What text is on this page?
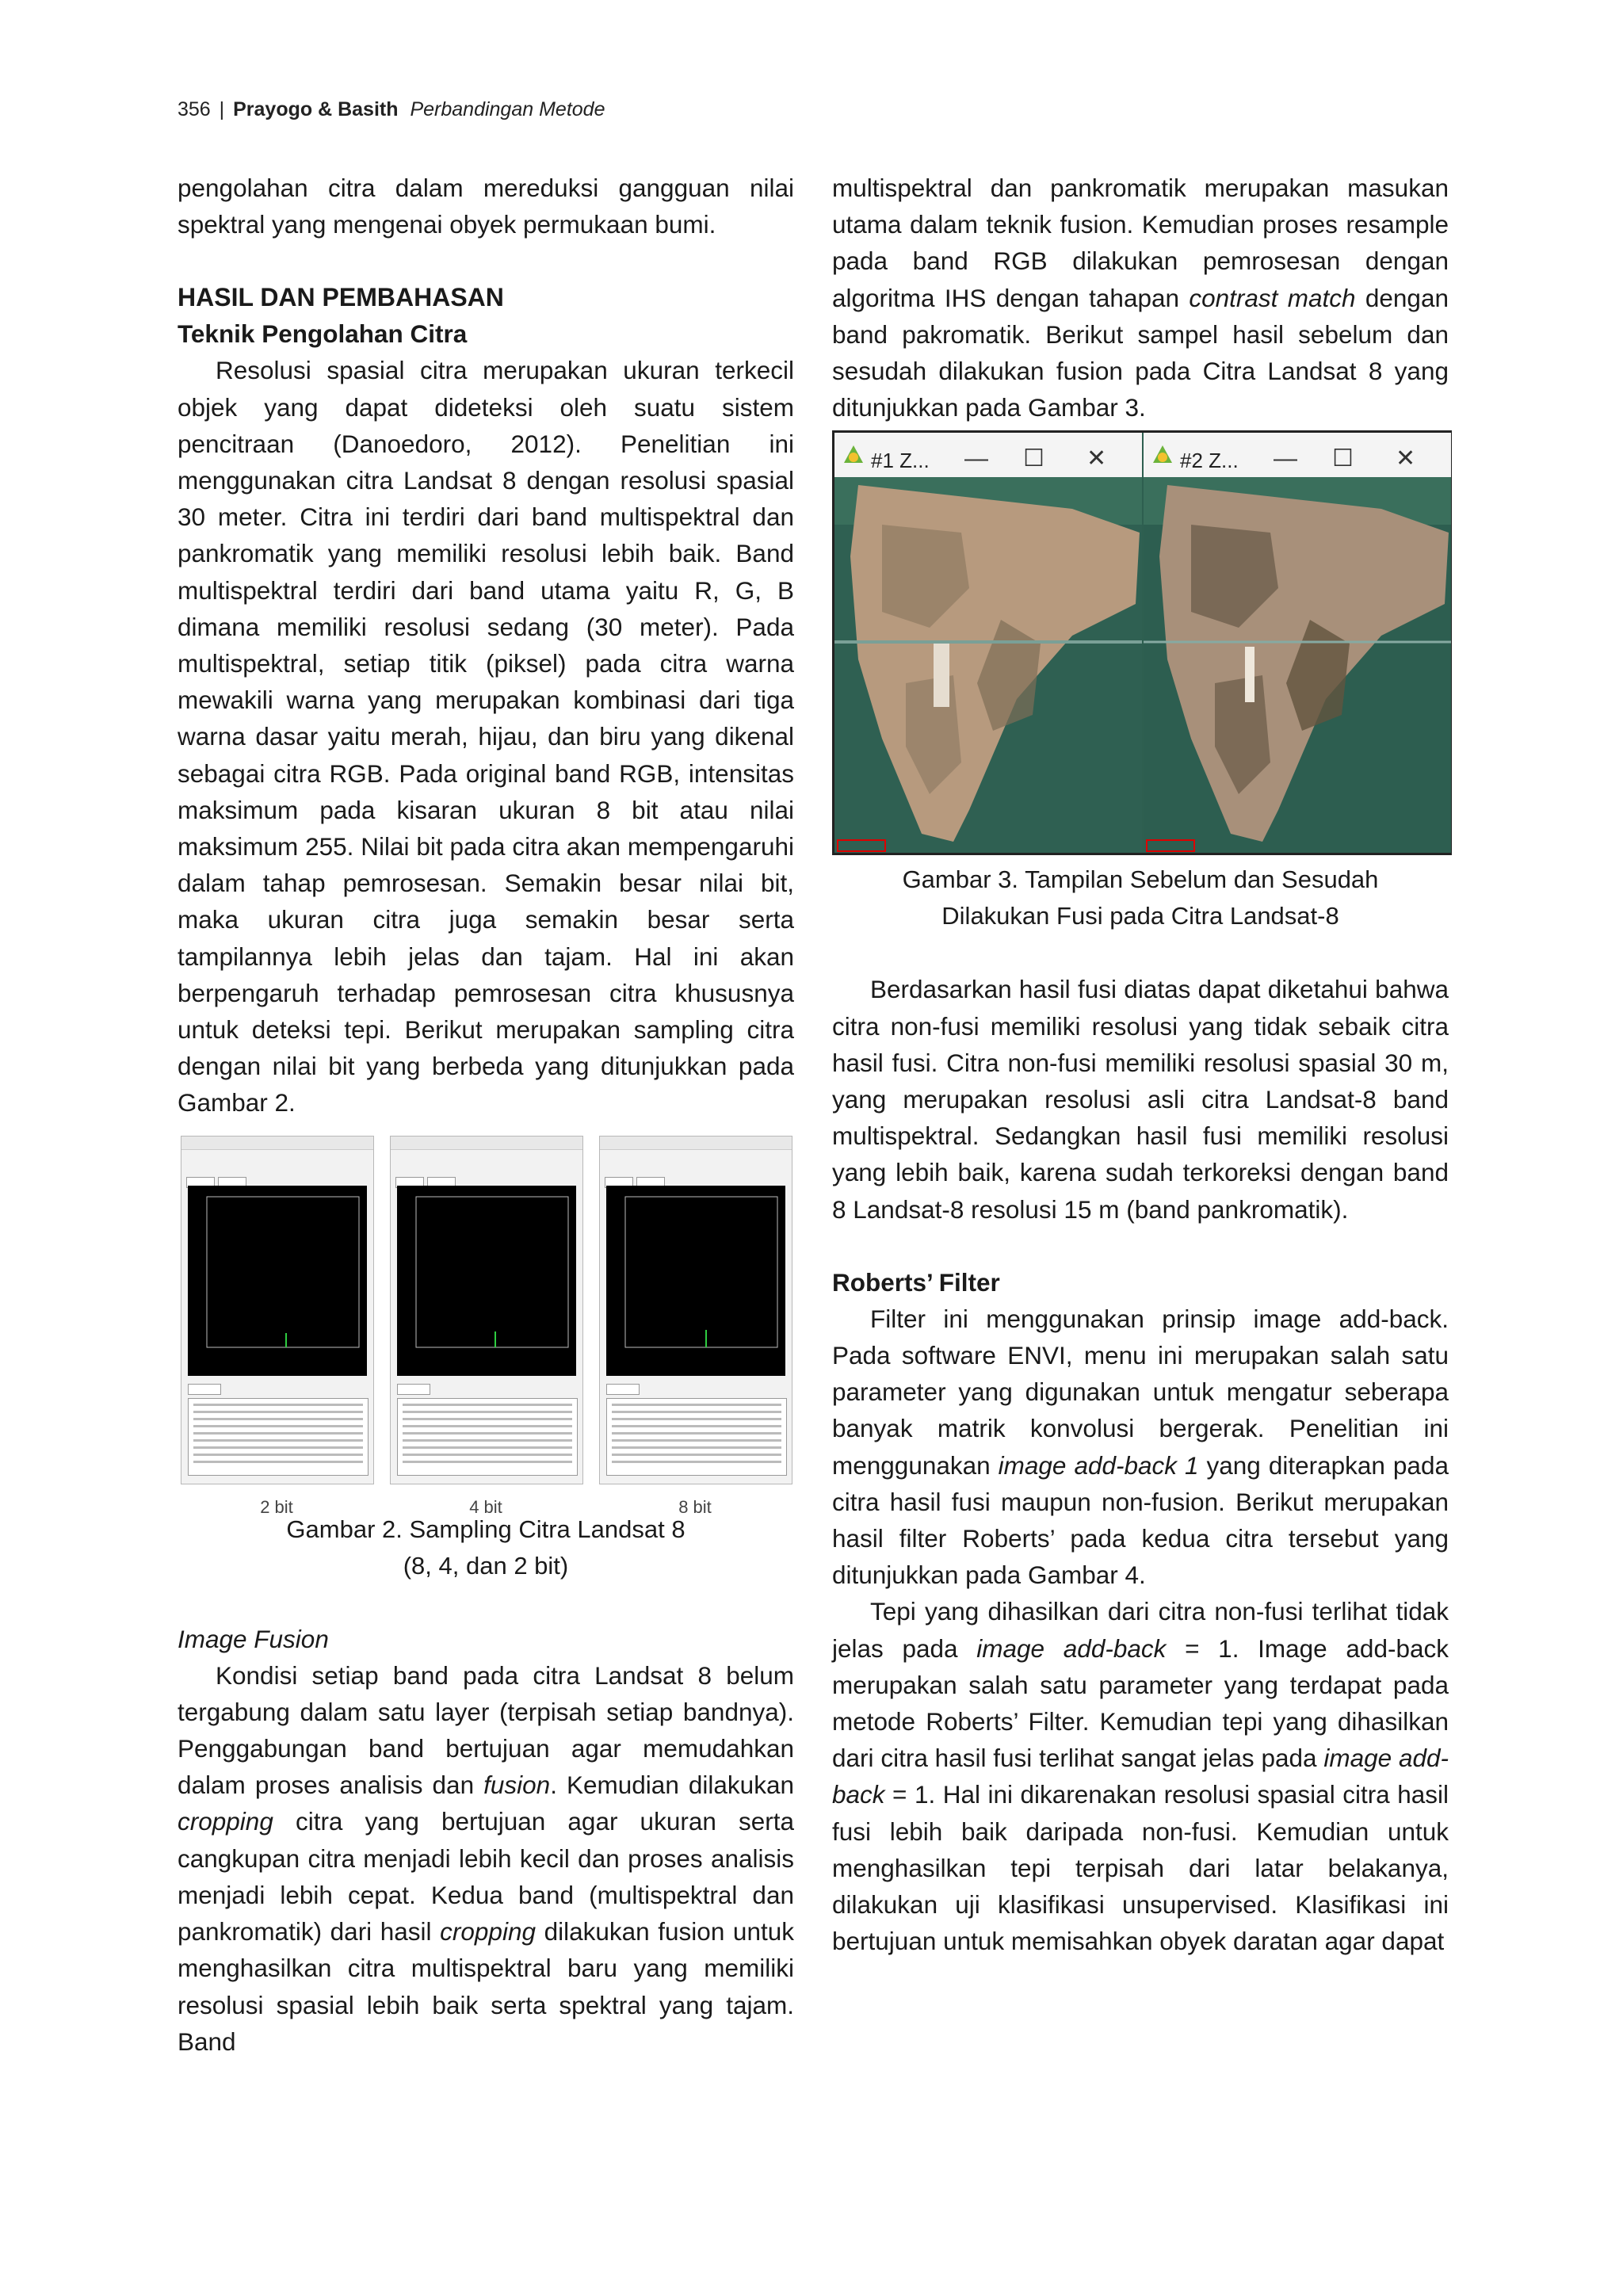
356 | Prayogo & Basith Perbandingan Metode

pengolahan citra dalam mereduksi gangguan nilai spektral yang mengenai obyek permukaan bumi.

HASIL DAN PEMBAHASAN
Teknik Pengolahan Citra

Resolusi spasial citra merupakan ukuran terkecil objek yang dapat dideteksi oleh suatu sistem pencitraan (Danoedoro, 2012). Penelitian ini menggunakan citra Landsat 8 dengan resolusi spasial 30 meter. Citra ini terdiri dari band multispektral dan pankromatik yang memiliki resolusi lebih baik. Band multispektral terdiri dari band utama yaitu R, G, B dimana memiliki resolusi sedang (30 meter). Pada multispektral, setiap titik (piksel) pada citra warna mewakili warna yang merupakan kombinasi dari tiga warna dasar yaitu merah, hijau, dan biru yang dikenal sebagai citra RGB. Pada original band RGB, intensitas maksimum pada kisaran ukuran 8 bit atau nilai maksimum 255. Nilai bit pada citra akan mempengaruhi dalam tahap pemrosesan. Semakin besar nilai bit, maka ukuran citra juga semakin besar serta tampilannya lebih jelas dan tajam. Hal ini akan berpengaruh terhadap pemrosesan citra khususnya untuk deteksi tepi. Berikut merupakan sampling citra dengan nilai bit yang berbeda yang ditunjukkan pada Gambar 2.

2 bit	4 bit	8 bit
Gambar 2. Sampling Citra Landsat 8
(8, 4, dan 2 bit)
Image Fusion

Kondisi setiap band pada citra Landsat 8 belum tergabung dalam satu layer (terpisah setiap bandnya). Penggabungan band bertujuan agar memudahkan dalam proses analisis dan fusion. Kemudian dilakukan cropping citra yang bertujuan agar ukuran serta cangkupan citra menjadi lebih kecil dan proses analisis menjadi lebih cepat. Kedua band (multispektral dan pankromatik) dari hasil cropping dilakukan fusion untuk menghasilkan citra multispektral baru yang memiliki resolusi spasial lebih baik serta spektral yang tajam. Band

multispektral dan pankromatik merupakan masukan utama dalam teknik fusion. Kemudian proses resample pada band RGB dilakukan pemrosesan dengan algoritma IHS dengan tahapan contrast match dengan band pakromatik. Berikut sampel hasil sebelum dan sesudah dilakukan fusion pada Citra Landsat 8 yang ditunjukkan pada Gambar 3.

#1 Z... — ☐ ✕	#2 Z... — ☐ ✕
Gambar 3. Tampilan Sebelum dan Sesudah
Dilakukan Fusi pada Citra Landsat-8

Berdasarkan hasil fusi diatas dapat diketahui bahwa citra non-fusi memiliki resolusi yang tidak sebaik citra hasil fusi. Citra non-fusi memiliki resolusi spasial 30 m, yang merupakan resolusi asli citra Landsat-8 band multispektral. Sedangkan hasil fusi memiliki resolusi yang lebih baik, karena sudah terkoreksi dengan band 8 Landsat-8 resolusi 15 m (band pankromatik).

Roberts’ Filter

Filter ini menggunakan prinsip image add-back. Pada software ENVI, menu ini merupakan salah satu parameter yang digunakan untuk mengatur seberapa banyak matrik konvolusi bergerak. Penelitian ini menggunakan image add-back 1 yang diterapkan pada citra hasil fusi maupun non-fusion. Berikut merupakan hasil filter Roberts’ pada kedua citra tersebut yang ditunjukkan pada Gambar 4.

Tepi yang dihasilkan dari citra non-fusi terlihat tidak jelas pada image add-back = 1. Image add-back merupakan salah satu parameter yang terdapat pada metode Roberts’ Filter. Kemudian tepi yang dihasilkan dari citra hasil fusi terlihat sangat jelas pada image add-back = 1. Hal ini dikarenakan resolusi spasial citra hasil fusi lebih baik daripada non-fusi. Kemudian untuk menghasilkan tepi terpisah dari latar belakanya, dilakukan uji klasifikasi unsupervised. Klasifikasi ini bertujuan untuk memisahkan obyek daratan agar dapat
